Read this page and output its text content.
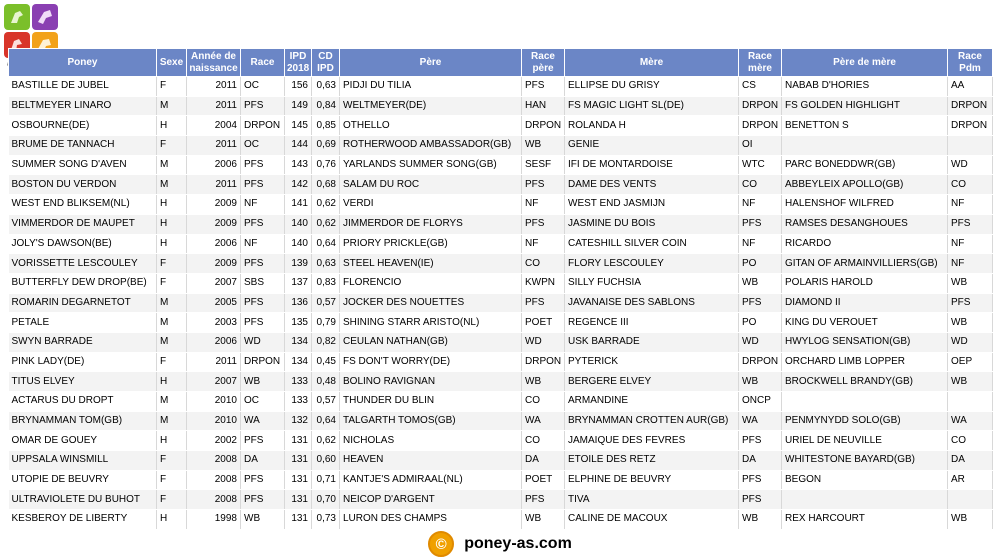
Poney	Sexe	Année de naissance	Race	IPD 2018	CD IPD	Père	Race père	Mère	Race mère	Père de mère	Race Pdm
BASTILLE DE JUBEL	F	2011	OC	156	0,63	PIDJI DU TILIA	PFS	ELLIPSE DU GRISY	CS	NABAB D'HORIES	AA
BELTMEYER LINARO	M	2011	PFS	149	0,84	WELTMEYER(DE)	HAN	FS MAGIC LIGHT SL(DE)	DRPON	FS GOLDEN HIGHLIGHT	DRPON
OSBOURNE(DE)	H	2004	DRPON	145	0,85	OTHELLO	DRPON	ROLANDA H	DRPON	BENETTON S	DRPON
BRUME DE TANNACH	F	2011	OC	144	0,69	ROTHERWOOD AMBASSADOR(GB)	WB	GENIE	OI		
SUMMER SONG D'AVEN	M	2006	PFS	143	0,76	YARLANDS SUMMER SONG(GB)	SESF	IFI DE MONTARDOISE	WTC	PARC BONEDDWR(GB)	WD
BOSTON DU VERDON	M	2011	PFS	142	0,68	SALAM DU ROC	PFS	DAME DES VENTS	CO	ABBEYLEIX APOLLO(GB)	CO
WEST END BLIKSEM(NL)	H	2009	NF	141	0,62	VERDI	NF	WEST END JASMIJN	NF	HALENSHOF WILFRED	NF
VIMMERDOR DE MAUPET	H	2009	PFS	140	0,62	JIMMERDOR DE FLORYS	PFS	JASMINE DU BOIS	PFS	RAMSES DESANGHOUES	PFS
JOLY'S DAWSON(BE)	H	2006	NF	140	0,64	PRIORY PRICKLE(GB)	NF	CATESHILL SILVER COIN	NF	RICARDO	NF
VORISSETTE LESCOULEY	F	2009	PFS	139	0,63	STEEL HEAVEN(IE)	CO	FLORY LESCOULEY	PO	GITAN OF ARMAINVILLIERS(GB)	NF
BUTTERFLY DEW DROP(BE)	F	2007	SBS	137	0,83	FLORENCIO	KWPN	SILLY FUCHSIA	WB	POLARIS HAROLD	WB
ROMARIN DEGARNETOT	M	2005	PFS	136	0,57	JOCKER DES NOUETTES	PFS	JAVANAISE DES SABLONS	PFS	DIAMOND II	PFS
PETALE	M	2003	PFS	135	0,79	SHINING STARR ARISTO(NL)	POET	REGENCE III	PO	KING DU VEROUET	WB
SWYN BARRADE	M	2006	WD	134	0,82	CEULAN NATHAN(GB)	WD	USK BARRADE	WD	HWYLOG SENSATION(GB)	WD
PINK LADY(DE)	F	2011	DRPON	134	0,45	FS DON'T WORRY(DE)	DRPON	PYTERICK	DRPON	ORCHARD LIMB LOPPER	OEP
TITUS ELVEY	H	2007	WB	133	0,48	BOLINO RAVIGNAN	WB	BERGERE ELVEY	WB	BROCKWELL BRANDY(GB)	WB
ACTARUS DU DROPT	M	2010	OC	133	0,57	THUNDER DU BLIN	CO	ARMANDINE	ONCP		
BRYNAMMAN TOM(GB)	M	2010	WA	132	0,64	TALGARTH TOMOS(GB)	WA	BRYNAMMAN CROTTEN AUR(GB)	WA	PENMYNYDD SOLO(GB)	WA
OMAR DE GOUEY	H	2002	PFS	131	0,62	NICHOLAS	CO	JAMAIQUE DES FEVRES	PFS	URIEL DE NEUVILLE	CO
UPPSALA WINSMILL	F	2008	DA	131	0,60	HEAVEN	DA	ETOILE DES RETZ	DA	WHITESTONE BAYARD(GB)	DA
UTOPIE DE BEUVRY	F	2008	PFS	131	0,71	KANTJE'S ADMIRAAL(NL)	POET	ELPHINE DE BEUVRY	PFS	BEGON	AR
ULTRAVIOLETE DU BUHOT	F	2008	PFS	131	0,70	NEICOP D'ARGENT	PFS	TIVA	PFS		
KESBEROY DE LIBERTY	H	1998	WB	131	0,73	LURON DES CHAMPS	WB	CALINE DE MACOUX	WB	REX HARCOURT	WB
©	poney-as.com
